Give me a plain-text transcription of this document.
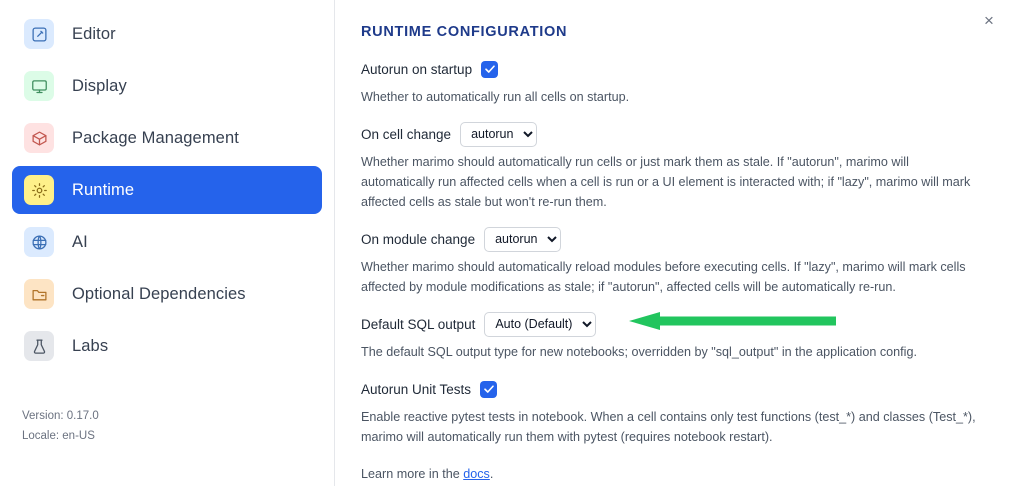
Editor
Display
Package Management
Runtime
AI
Optional Dependencies
Labs
Version: 0.17.0
Locale: en-US
×
RUNTIME CONFIGURATION
Autorun on startup
Whether to automatically run all cells on startup.
On cell change
autorun
Whether marimo should automatically run cells or just mark them as stale. If "autorun", marimo will automatically run affected cells when a cell is run or a UI element is interacted with; if "lazy", marimo will mark affected cells as stale but won't re-run them.
On module change
autorun
Whether marimo should automatically reload modules before executing cells. If "lazy", marimo will mark cells affected by module modifications as stale; if "autorun", affected cells will be automatically re-run.
Default SQL output
Auto (Default)
The default SQL output type for new notebooks; overridden by "sql_output" in the application config.
Autorun Unit Tests
Enable reactive pytest tests in notebook. When a cell contains only test functions (test_*) and classes (Test_*), marimo will automatically run them with pytest (requires notebook restart).
Learn more in the docs.
